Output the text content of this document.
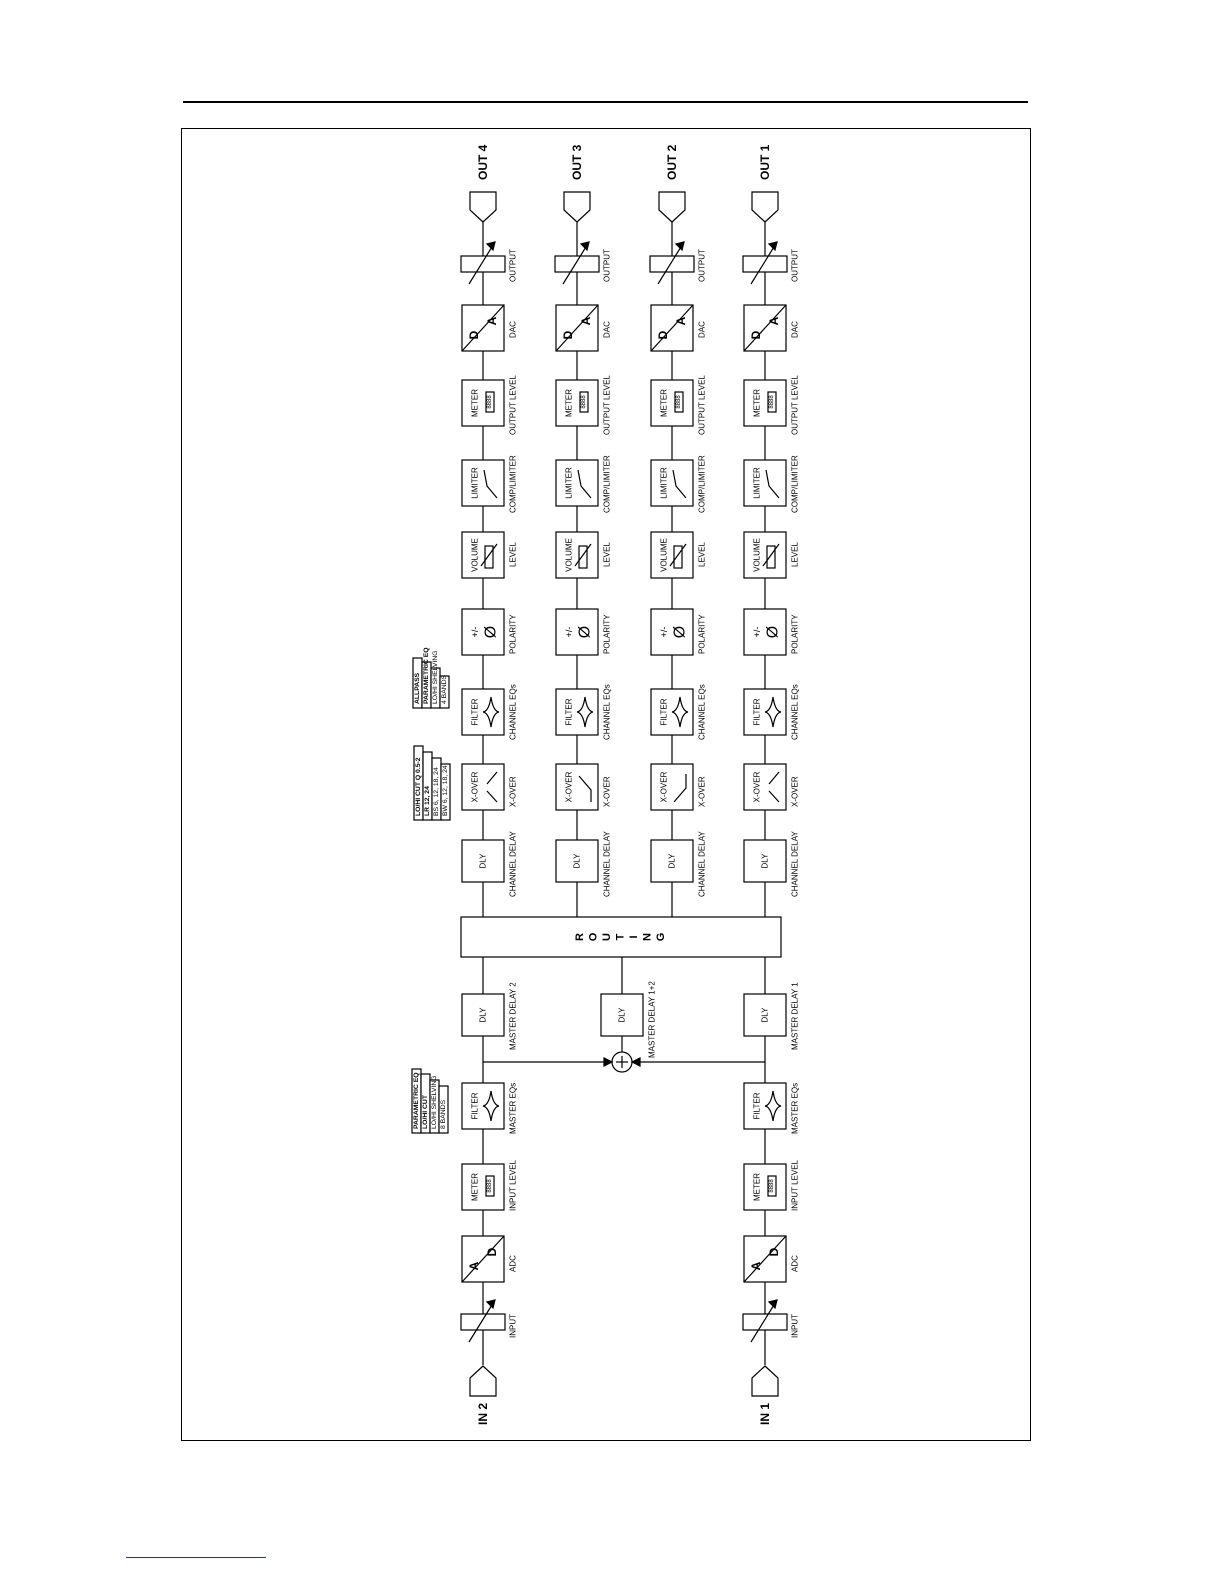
OUT 4
OUTPUT
D
A
DAC
METER 8888 OUTPUT LEVEL
LIMITER	COMP/LIMITER
VOLUME	LEVEL
+/- Ø POLARITY
FILTER	CHANNEL EQs
X-OVER	X-OVER
DLY	CHANNEL DELAY
OUT 3
OUTPUT
D
A
DAC
METER 8888 OUTPUT LEVEL
LIMITER	COMP/LIMITER
VOLUME	LEVEL
+/- Ø POLARITY
FILTER	CHANNEL EQs
X-OVER	X-OVER
DLY	CHANNEL DELAY
OUT 2
OUTPUT
D
A
DAC
METER 8888 OUTPUT LEVEL
LIMITER	COMP/LIMITER
VOLUME	LEVEL
+/- Ø POLARITY
FILTER	CHANNEL EQs
X-OVER	X-OVER
DLY	CHANNEL DELAY
OUT 1
OUTPUT
D
A
DAC
METER 8888 OUTPUT LEVEL
LIMITER	COMP/LIMITER
VOLUME	LEVEL
+/- Ø POLARITY
FILTER	CHANNEL EQs
X-OVER	X-OVER
DLY	CHANNEL DELAY
R O U T I N G
DLY	MASTER DELAY 1+2
DLY	MASTER DELAY 2
FILTER	MASTER EQs
METER 8888 INPUT LEVEL
A
D
ADC
INPUT
IN 2
DLY	MASTER DELAY 1
FILTER	MASTER EQs
METER 8888 INPUT LEVEL
A
D
ADC
INPUT
IN 1
LO/HI CUT Q 0.5-2 LR 12, 24 BS 6, 12, 18, 24 BW 6, 12, 18, 24
ALLPASS PARAMETRIC EQ LO/HI SHELVING 4 BANDS
PARAMETRIC EQ LO/HI CUT LO/HI SHELVING 8 BANDS
